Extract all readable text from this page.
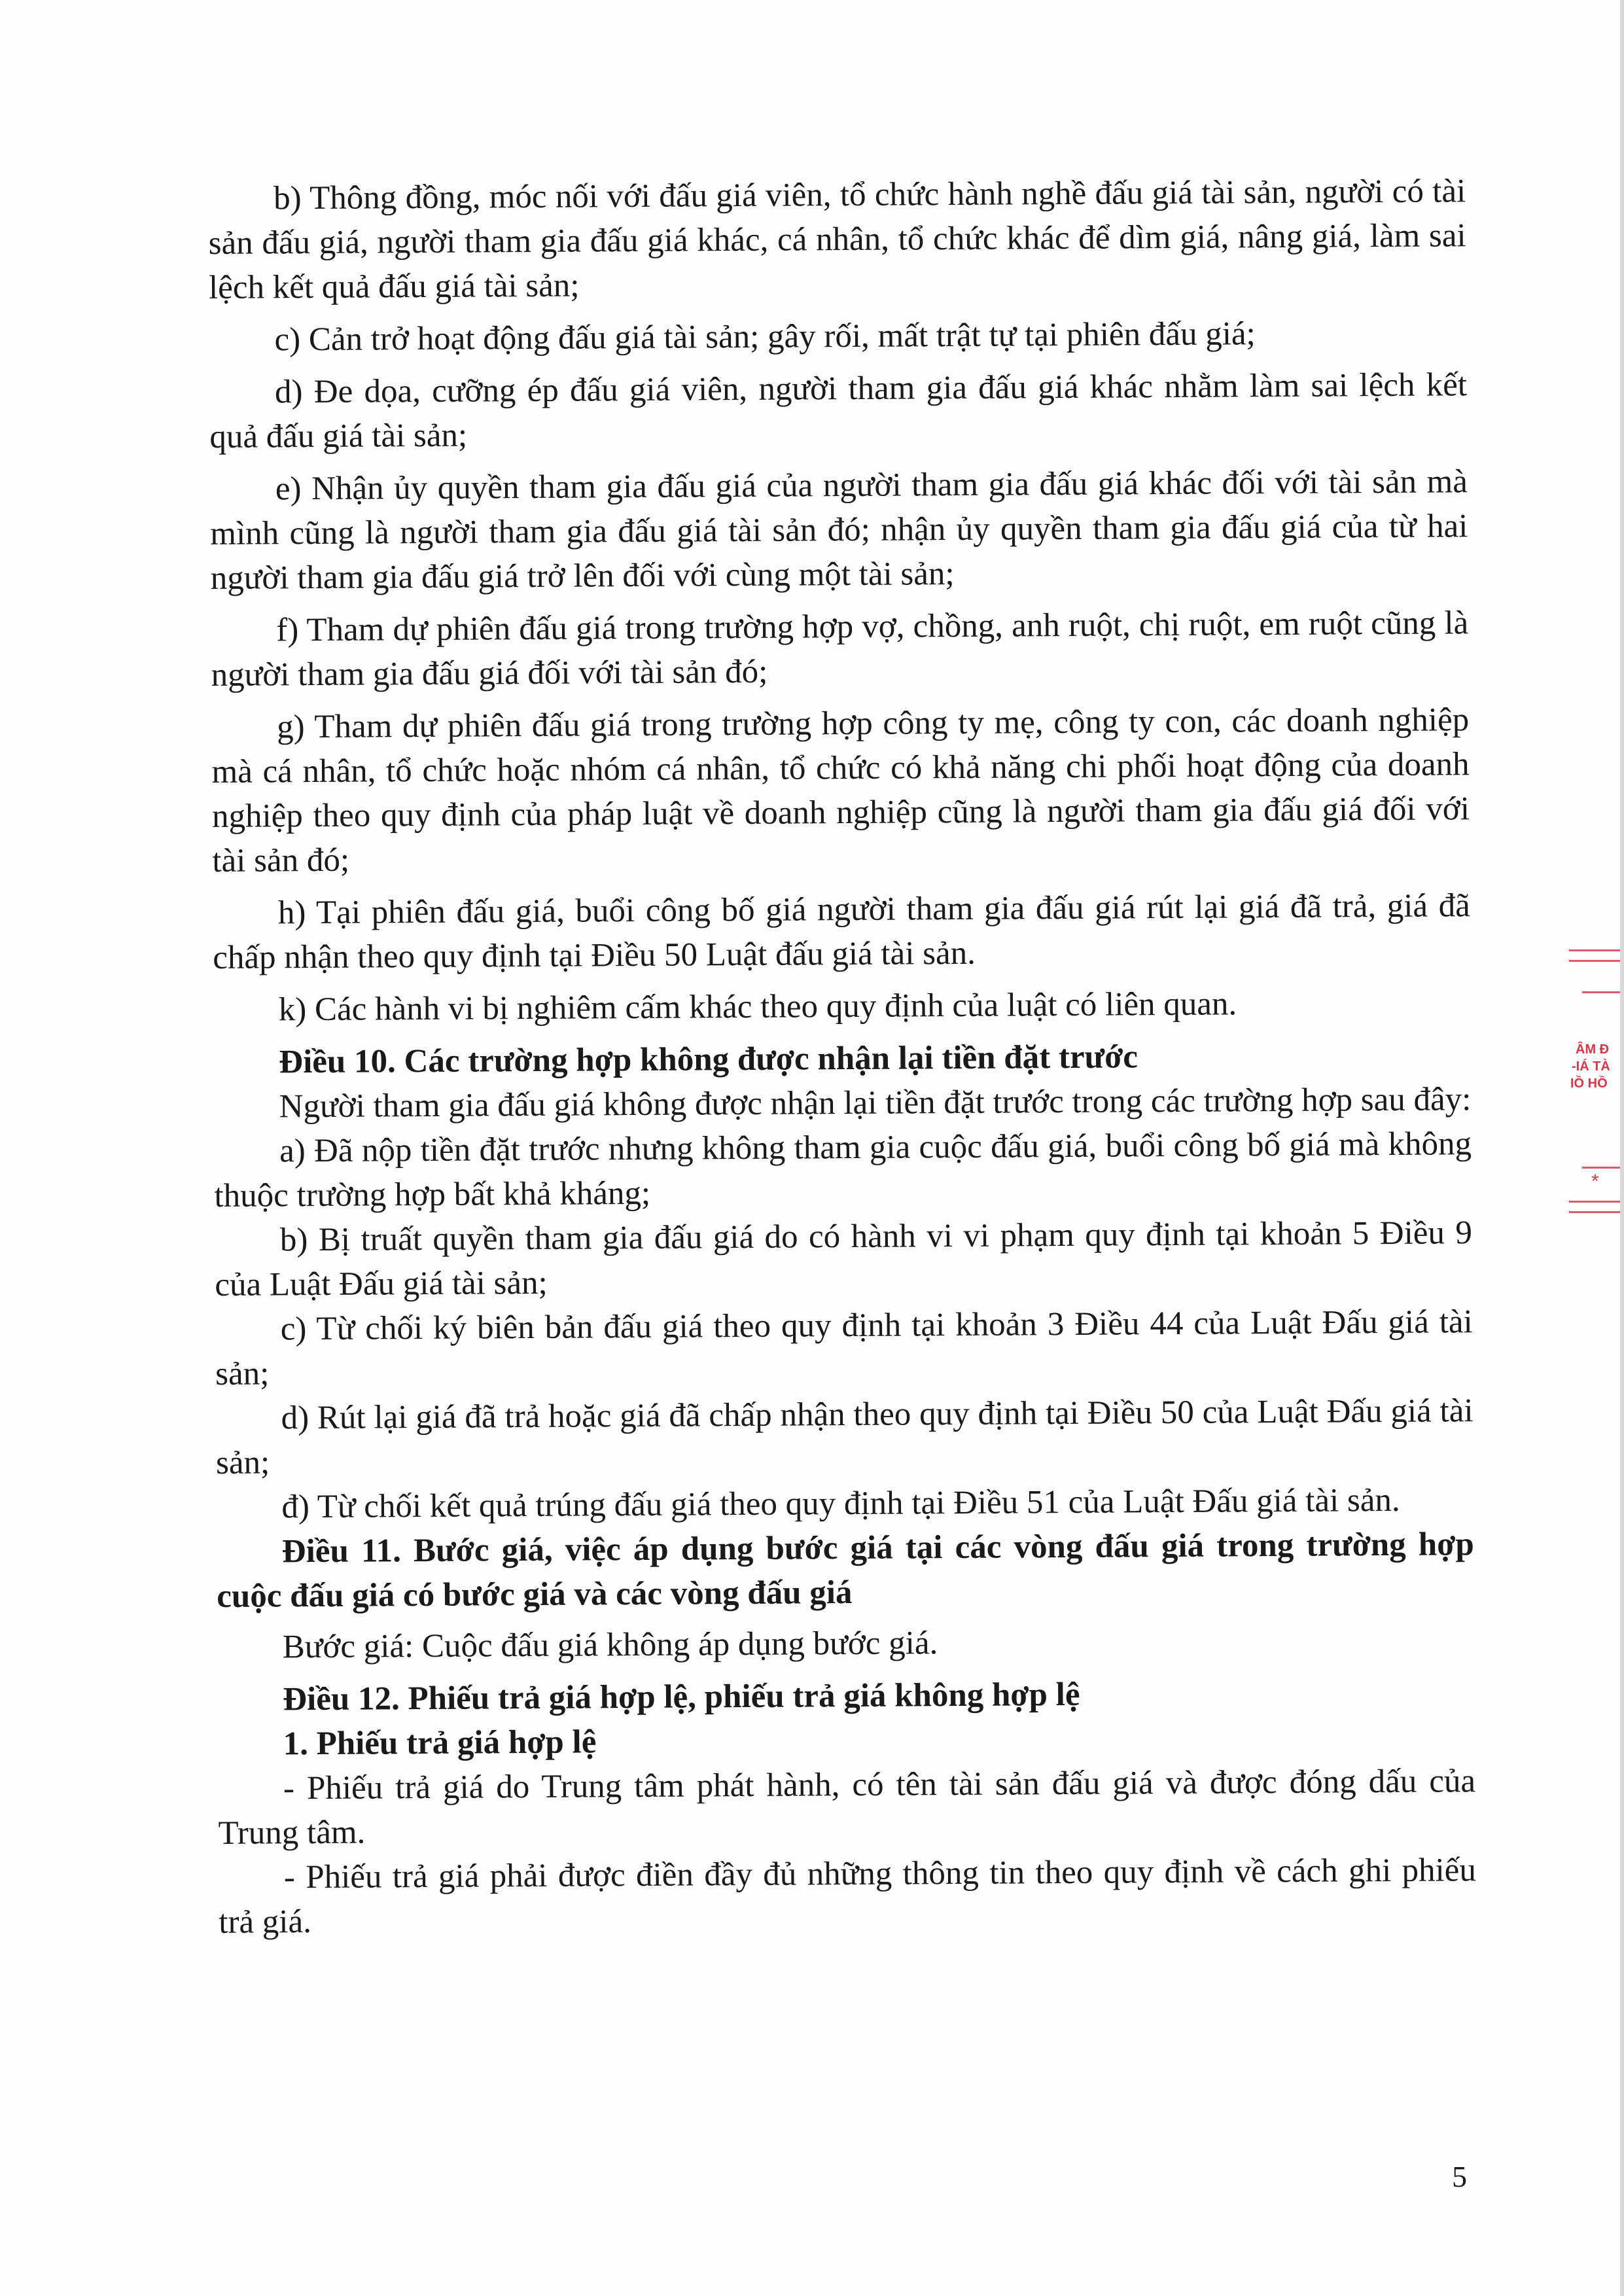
b) Thông đồng, móc nối với đấu giá viên, tổ chức hành nghề đấu giá tài sản, người có tài sản đấu giá, người tham gia đấu giá khác, cá nhân, tổ chức khác để dìm giá, nâng giá, làm sai lệch kết quả đấu giá tài sản;

c) Cản trở hoạt động đấu giá tài sản; gây rối, mất trật tự tại phiên đấu giá;

d) Đe dọa, cưỡng ép đấu giá viên, người tham gia đấu giá khác nhằm làm sai lệch kết quả đấu giá tài sản;

e) Nhận ủy quyền tham gia đấu giá của người tham gia đấu giá khác đối với tài sản mà mình cũng là người tham gia đấu giá tài sản đó; nhận ủy quyền tham gia đấu giá của từ hai người tham gia đấu giá trở lên đối với cùng một tài sản;

f) Tham dự phiên đấu giá trong trường hợp vợ, chồng, anh ruột, chị ruột, em ruột cũng là người tham gia đấu giá đối với tài sản đó;

g) Tham dự phiên đấu giá trong trường hợp công ty mẹ, công ty con, các doanh nghiệp mà cá nhân, tổ chức hoặc nhóm cá nhân, tổ chức có khả năng chi phối hoạt động của doanh nghiệp theo quy định của pháp luật về doanh nghiệp cũng là người tham gia đấu giá đối với tài sản đó;

h) Tại phiên đấu giá, buổi công bố giá người tham gia đấu giá rút lại giá đã trả, giá đã chấp nhận theo quy định tại Điều 50 Luật đấu giá tài sản.

k) Các hành vi bị nghiêm cấm khác theo quy định của luật có liên quan.

Điều 10. Các trường hợp không được nhận lại tiền đặt trước

Người tham gia đấu giá không được nhận lại tiền đặt trước trong các trường hợp sau đây:

a) Đã nộp tiền đặt trước nhưng không tham gia cuộc đấu giá, buổi công bố giá mà không thuộc trường hợp bất khả kháng;

b) Bị truất quyền tham gia đấu giá do có hành vi vi phạm quy định tại khoản 5 Điều 9 của Luật Đấu giá tài sản;

c) Từ chối ký biên bản đấu giá theo quy định tại khoản 3 Điều 44 của Luật Đấu giá tài sản;

d) Rút lại giá đã trả hoặc giá đã chấp nhận theo quy định tại Điều 50 của Luật Đấu giá tài sản;

đ) Từ chối kết quả trúng đấu giá theo quy định tại Điều 51 của Luật Đấu giá tài sản.

Điều 11. Bước giá, việc áp dụng bước giá tại các vòng đấu giá trong trường hợp cuộc đấu giá có bước giá và các vòng đấu giá

Bước giá: Cuộc đấu giá không áp dụng bước giá.

Điều 12. Phiếu trả giá hợp lệ, phiếu trả giá không hợp lệ

1. Phiếu trả giá hợp lệ

- Phiếu trả giá do Trung tâm phát hành, có tên tài sản đấu giá và được đóng dấu của Trung tâm.

- Phiếu trả giá phải được điền đầy đủ những thông tin theo quy định về cách ghi phiếu trả giá.

5
ÂM Đ
-IÁ TÀ
IỒ HỒ
*
